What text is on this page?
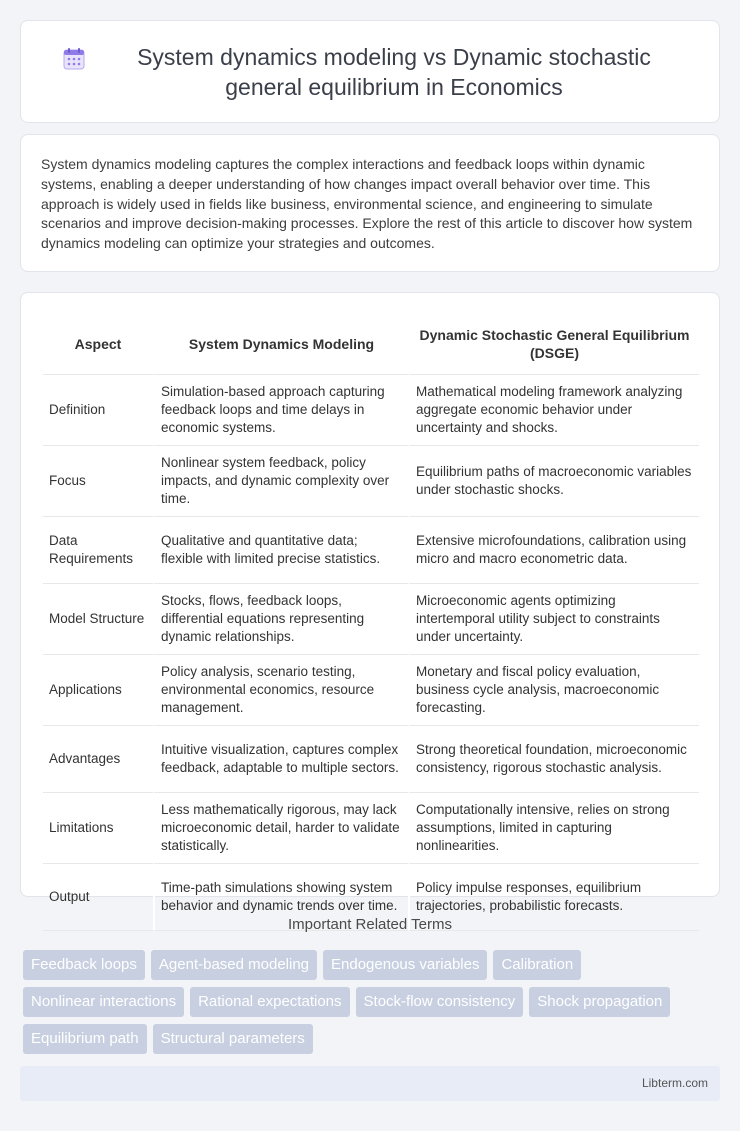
System dynamics modeling vs Dynamic stochastic general equilibrium in Economics

System dynamics modeling captures the complex interactions and feedback loops within dynamic systems, enabling a deeper understanding of how changes impact overall behavior over time. This approach is widely used in fields like business, environmental science, and engineering to simulate scenarios and improve decision-making processes. Explore the rest of this article to discover how system dynamics modeling can optimize your strategies and outcomes.

Aspect	System Dynamics Modeling	Dynamic Stochastic General Equilibrium (DSGE)
Definition	Simulation-based approach capturing feedback loops and time delays in economic systems.	Mathematical modeling framework analyzing aggregate economic behavior under uncertainty and shocks.
Focus	Nonlinear system feedback, policy impacts, and dynamic complexity over time.	Equilibrium paths of macroeconomic variables under stochastic shocks.
Data Requirements	Qualitative and quantitative data; flexible with limited precise statistics.	Extensive microfoundations, calibration using micro and macro econometric data.
Model Structure	Stocks, flows, feedback loops, differential equations representing dynamic relationships.	Microeconomic agents optimizing intertemporal utility subject to constraints under uncertainty.
Applications	Policy analysis, scenario testing, environmental economics, resource management.	Monetary and fiscal policy evaluation, business cycle analysis, macroeconomic forecasting.
Advantages	Intuitive visualization, captures complex feedback, adaptable to multiple sectors.	Strong theoretical foundation, microeconomic consistency, rigorous stochastic analysis.
Limitations	Less mathematically rigorous, may lack microeconomic detail, harder to validate statistically.	Computationally intensive, relies on strong assumptions, limited in capturing nonlinearities.
Output	Time-path simulations showing system behavior and dynamic trends over time.	Policy impulse responses, equilibrium trajectories, probabilistic forecasts.
Important Related Terms
Feedback loops	Agent-based modeling	Endogenous variables	Calibration
Nonlinear interactions	Rational expectations	Stock-flow consistency	Shock propagation
Equilibrium path	Structural parameters
Libterm.com
